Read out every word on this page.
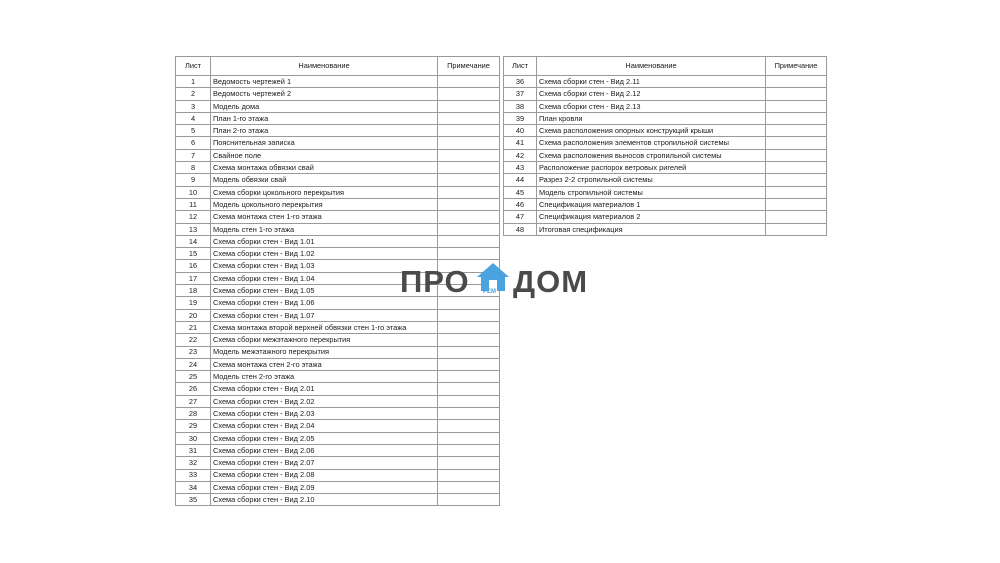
Лист	Наименование	Примечание
1	Ведомость чертежей 1	
2	Ведомость чертежей 2	
3	Модель дома	
4	План 1-го этажа	
5	План 2-го этажа	
6	Пояснительная записка	
7	Свайное поле	
8	Схема монтажа обвязки свай	
9	Модель обвязки свай	
10	Схема сборки цокольного перекрытия	
11	Модель цокольного перекрытия	
12	Схема монтажа стен 1-го этажа	
13	Модель стен 1-го этажа	
14	Схема сборки стен - Вид 1.01	
15	Схема сборки стен - Вид 1.02	
16	Схема сборки стен - Вид 1.03	
17	Схема сборки стен - Вид 1.04	
18	Схема сборки стен - Вид 1.05	
19	Схема сборки стен - Вид 1.06	
20	Схема сборки стен - Вид 1.07	
21	Схема монтажа второй верхней обвязки стен 1-го этажа	
22	Схема сборки межэтажного перекрытия	
23	Модель межэтажного перекрытия	
24	Схема монтажа стен 2-го этажа	
25	Модель стен 2-го этажа	
26	Схема сборки стен - Вид 2.01	
27	Схема сборки стен - Вид 2.02	
28	Схема сборки стен - Вид 2.03	
29	Схема сборки стен - Вид 2.04	
30	Схема сборки стен - Вид 2.05	
31	Схема сборки стен - Вид 2.06	
32	Схема сборки стен - Вид 2.07	
33	Схема сборки стен - Вид 2.08	
34	Схема сборки стен - Вид 2.09	
35	Схема сборки стен - Вид 2.10	
Лист	Наименование	Примечание
36	Схема сборки стен - Вид 2.11	
37	Схема сборки стен - Вид 2.12	
38	Схема сборки стен - Вид 2.13	
39	План кровли	
40	Схема расположения опорных конструкций крыши	
41	Схема расположения элементов стропильной системы	
42	Схема расположения выносов стропильной системы	
43	Расположение распорок ветровых ригелей	
44	Разрез 2-2 стропильной системы	
45	Модель стропильной системы	
46	Спецификация материалов 1	
47	Спецификация материалов 2	
48	Итоговая спецификация	
ПРО РЕМ ДОМ
